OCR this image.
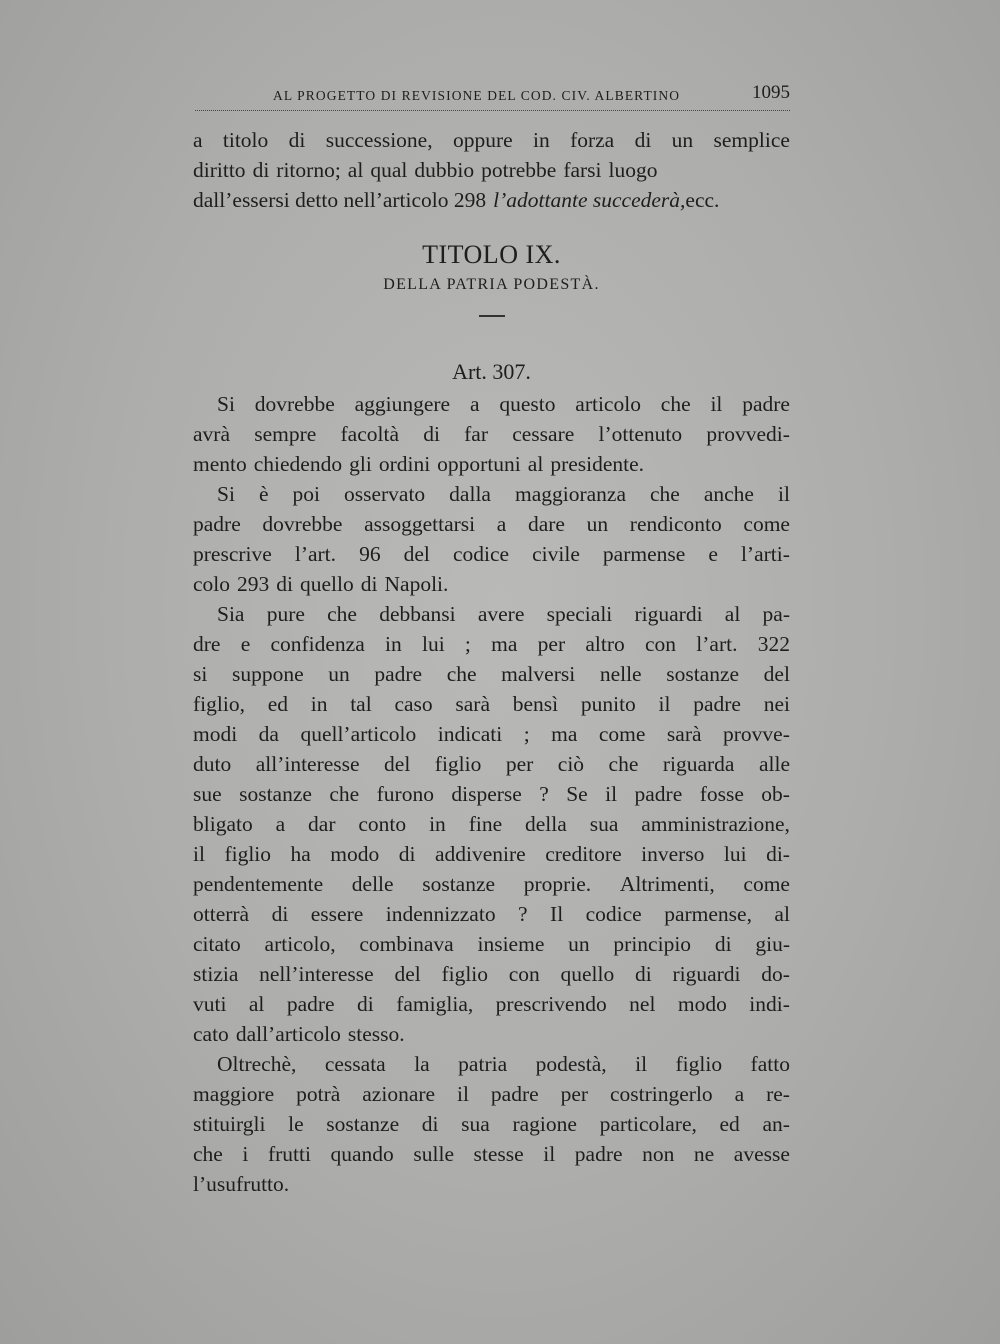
AL PROGETTO DI REVISIONE DEL COD. CIV. ALBERTINO	1095
a titolo di successione, oppure in forza di un semplice
diritto di ritorno; al qual dubbio potrebbe farsi luogo
dall’essersi detto nell’articolo 298 l’adottante succederà, ecc.
TITOLO IX.
DELLA PATRIA PODESTÀ.
Art. 307.
Si dovrebbe aggiungere a questo articolo che il padre
avrà sempre facoltà di far cessare l’ottenuto provvedi-
mento chiedendo gli ordini opportuni al presidente.
Si è poi osservato dalla maggioranza che anche il
padre dovrebbe assoggettarsi a dare un rendiconto come
prescrive l’art. 96 del codice civile parmense e l’arti-
colo 293 di quello di Napoli.
Sia pure che debbansi avere speciali riguardi al pa-
dre e confidenza in lui ; ma per altro con l’art. 322
si suppone un padre che malversi nelle sostanze del
figlio, ed in tal caso sarà bensì punito il padre nei
modi da quell’articolo indicati ; ma come sarà provve-
duto all’interesse del figlio per ciò che riguarda alle
sue sostanze che furono disperse ? Se il padre fosse ob-
bligato a dar conto in fine della sua amministrazione,
il figlio ha modo di addivenire creditore inverso lui di-
pendentemente delle sostanze proprie. Altrimenti, come
otterrà di essere indennizzato ? Il codice parmense, al
citato articolo, combinava insieme un principio di giu-
stizia nell’interesse del figlio con quello di riguardi do-
vuti al padre di famiglia, prescrivendo nel modo indi-
cato dall’articolo stesso.
Oltrechè, cessata la patria podestà, il figlio fatto
maggiore potrà azionare il padre per costringerlo a re-
stituirgli le sostanze di sua ragione particolare, ed an-
che i frutti quando sulle stesse il padre non ne avesse
l’usufrutto.
